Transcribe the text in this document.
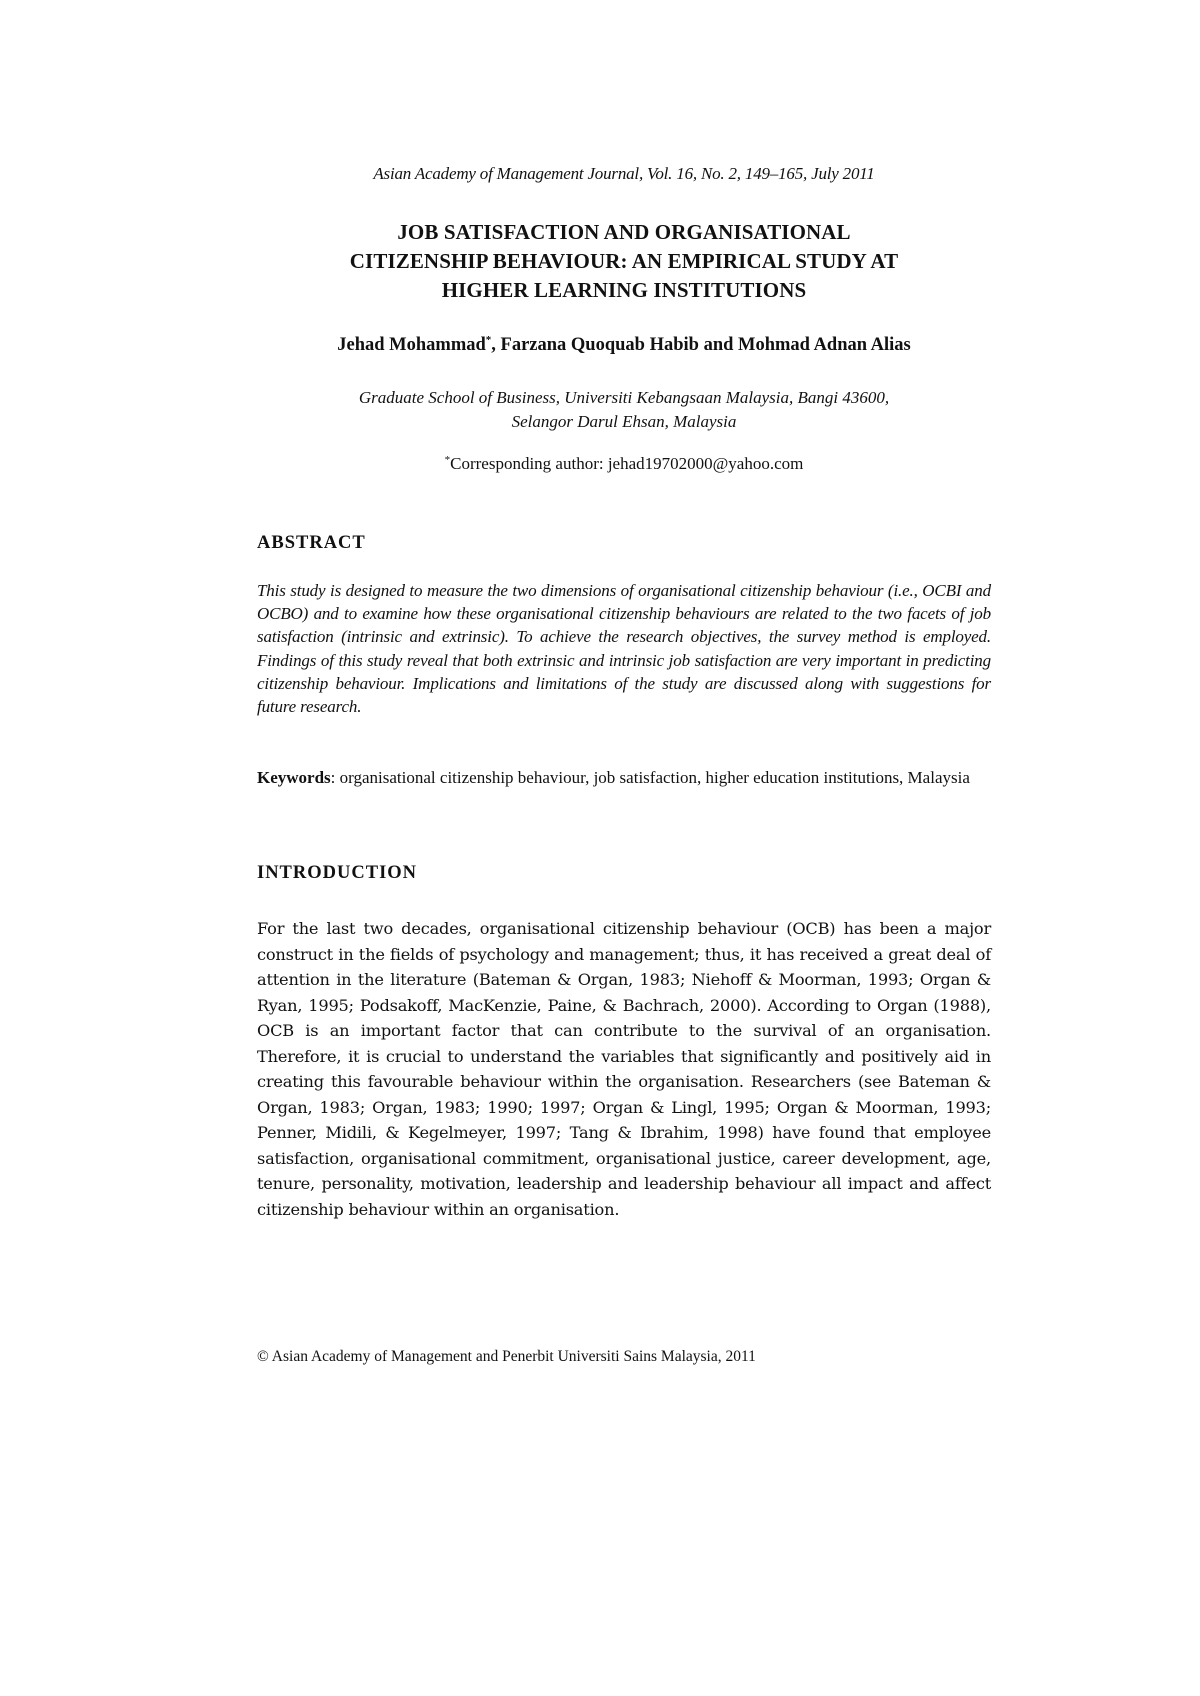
Asian Academy of Management Journal, Vol. 16, No. 2, 149–165, July 2011
JOB SATISFACTION AND ORGANISATIONAL
CITIZENSHIP BEHAVIOUR: AN EMPIRICAL STUDY AT
HIGHER LEARNING INSTITUTIONS
Jehad Mohammad*, Farzana Quoquab Habib and Mohmad Adnan Alias
Graduate School of Business, Universiti Kebangsaan Malaysia, Bangi 43600,
Selangor Darul Ehsan, Malaysia
*Corresponding author: jehad19702000@yahoo.com
ABSTRACT
This study is designed to measure the two dimensions of organisational citizenship behaviour (i.e., OCBI and OCBO) and to examine how these organisational citizenship behaviours are related to the two facets of job satisfaction (intrinsic and extrinsic). To achieve the research objectives, the survey method is employed. Findings of this study reveal that both extrinsic and intrinsic job satisfaction are very important in predicting citizenship behaviour. Implications and limitations of the study are discussed along with suggestions for future research.
Keywords: organisational citizenship behaviour, job satisfaction, higher education institutions, Malaysia
INTRODUCTION
For the last two decades, organisational citizenship behaviour (OCB) has been a major construct in the fields of psychology and management; thus, it has received a great deal of attention in the literature (Bateman & Organ, 1983; Niehoff & Moorman, 1993; Organ & Ryan, 1995; Podsakoff, MacKenzie, Paine, & Bachrach, 2000). According to Organ (1988), OCB is an important factor that can contribute to the survival of an organisation. Therefore, it is crucial to understand the variables that significantly and positively aid in creating this favourable behaviour within the organisation. Researchers (see Bateman & Organ, 1983; Organ, 1983; 1990; 1997; Organ & Lingl, 1995; Organ & Moorman, 1993; Penner, Midili, & Kegelmeyer, 1997; Tang & Ibrahim, 1998) have found that employee satisfaction, organisational commitment, organisational justice, career development, age, tenure, personality, motivation, leadership and leadership behaviour all impact and affect citizenship behaviour within an organisation.
© Asian Academy of Management and Penerbit Universiti Sains Malaysia, 2011
